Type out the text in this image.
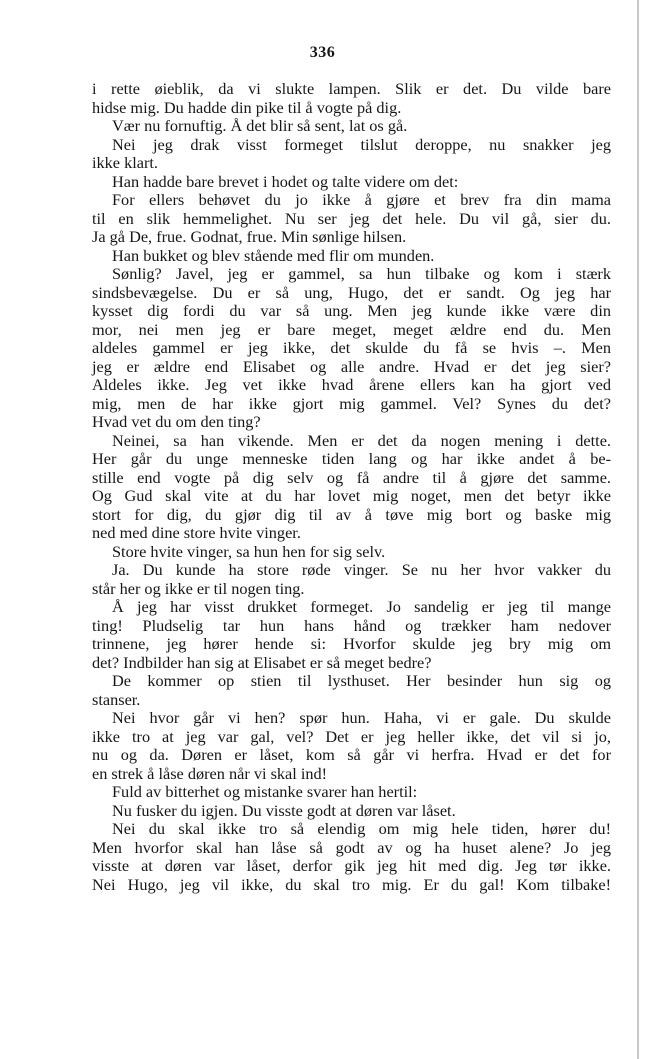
336
i rette øieblik, da vi slukte lampen. Slik er det. Du vilde bare
hidse mig. Du hadde din pike til å vogte på dig.
Vær nu fornuftig. Å det blir så sent, lat os gå.
Nei jeg drak visst formeget tilslut deroppe, nu snakker jeg
ikke klart.
Han hadde bare brevet i hodet og talte videre om det:
For ellers behøvet du jo ikke å gjøre et brev fra din mama
til en slik hemmelighet. Nu ser jeg det hele. Du vil gå, sier du.
Ja gå De, frue. Godnat, frue. Min sønlige hilsen.
Han bukket og blev stående med flir om munden.
Sønlig? Javel, jeg er gammel, sa hun tilbake og kom i stærk
sindsbevægelse. Du er så ung, Hugo, det er sandt. Og jeg har
kysset dig fordi du var så ung. Men jeg kunde ikke være din
mor, nei men jeg er bare meget, meget ældre end du. Men
aldeles gammel er jeg ikke, det skulde du få se hvis –. Men
jeg er ældre end Elisabet og alle andre. Hvad er det jeg sier?
Aldeles ikke. Jeg vet ikke hvad årene ellers kan ha gjort ved
mig, men de har ikke gjort mig gammel. Vel? Synes du det?
Hvad vet du om den ting?
Neinei, sa han vikende. Men er det da nogen mening i dette.
Her går du unge menneske tiden lang og har ikke andet å be-
stille end vogte på dig selv og få andre til å gjøre det samme.
Og Gud skal vite at du har lovet mig noget, men det betyr ikke
stort for dig, du gjør dig til av å tøve mig bort og baske mig
ned med dine store hvite vinger.
Store hvite vinger, sa hun hen for sig selv.
Ja. Du kunde ha store røde vinger. Se nu her hvor vakker du
står her og ikke er til nogen ting.
Å jeg har visst drukket formeget. Jo sandelig er jeg til mange
ting! Pludselig tar hun hans hånd og trækker ham nedover
trinnene, jeg hører hende si: Hvorfor skulde jeg bry mig om
det? Indbilder han sig at Elisabet er så meget bedre?
De kommer op stien til lysthuset. Her besinder hun sig og
stanser.
Nei hvor går vi hen? spør hun. Haha, vi er gale. Du skulde
ikke tro at jeg var gal, vel? Det er jeg heller ikke, det vil si jo,
nu og da. Døren er låset, kom så går vi herfra. Hvad er det for
en strek å låse døren når vi skal ind!
Fuld av bitterhet og mistanke svarer han hertil:
Nu fusker du igjen. Du visste godt at døren var låset.
Nei du skal ikke tro så elendig om mig hele tiden, hører du!
Men hvorfor skal han låse så godt av og ha huset alene? Jo jeg
visste at døren var låset, derfor gik jeg hit med dig. Jeg tør ikke.
Nei Hugo, jeg vil ikke, du skal tro mig. Er du gal! Kom tilbake!
